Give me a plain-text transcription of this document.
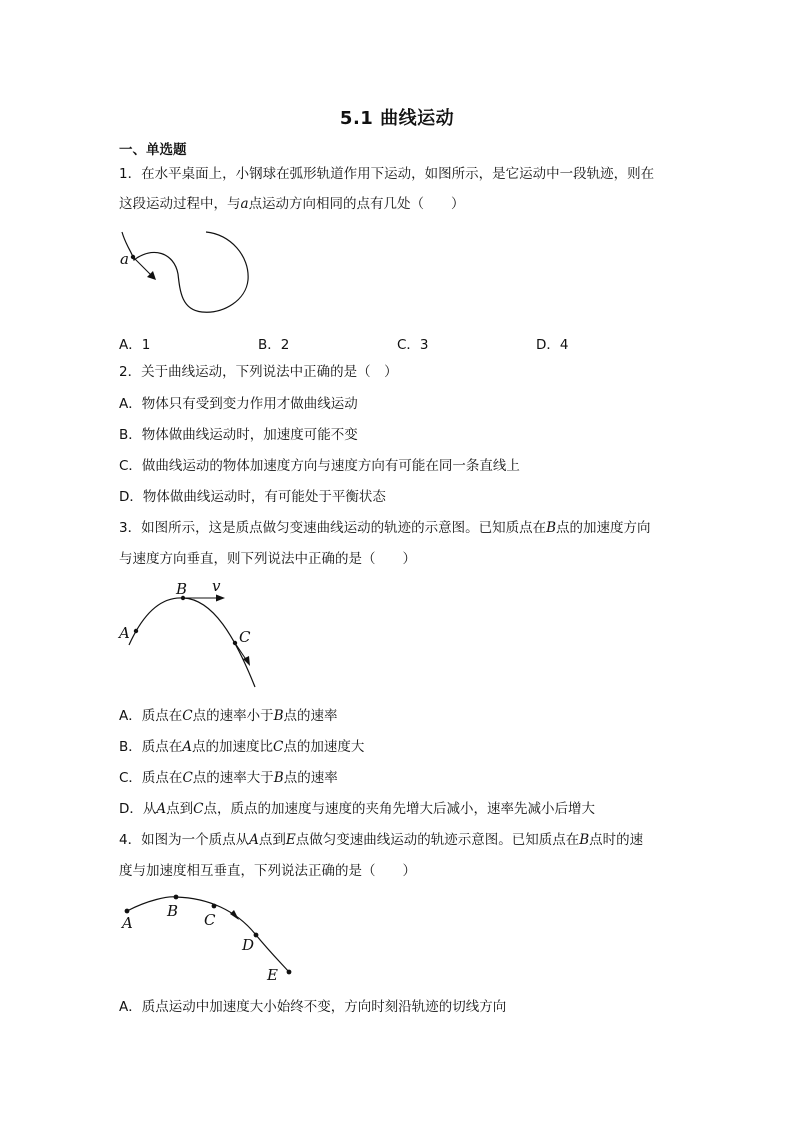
5.1 曲线运动
一、单选题
1．在水平桌面上，小钢球在弧形轨道作用下运动，如图所示，是它运动中一段轨迹，则在
这段运动过程中，与a点运动方向相同的点有几处（　　）
a
A．1	B．2	C．3	D．4
2．关于曲线运动，下列说法中正确的是（　）
A．物体只有受到变力作用才做曲线运动
B．物体做曲线运动时，加速度可能不变
C．做曲线运动的物体加速度方向与速度方向有可能在同一条直线上
D．物体做曲线运动时，有可能处于平衡状态
3．如图所示，这是质点做匀变速曲线运动的轨迹的示意图。已知质点在B点的加速度方向
与速度方向垂直，则下列说法中正确的是（　　）
A
B
C
v
A．质点在C点的速率小于B点的速率
B．质点在A点的加速度比C点的加速度大
C．质点在C点的速率大于B点的速率
D．从A点到C点，质点的加速度与速度的夹角先增大后减小，速率先减小后增大
4．如图为一个质点从A点到E点做匀变速曲线运动的轨迹示意图。已知质点在B点时的速
度与加速度相互垂直，下列说法正确的是（　　）
A
B C
D
E
A．质点运动中加速度大小始终不变，方向时刻沿轨迹的切线方向
